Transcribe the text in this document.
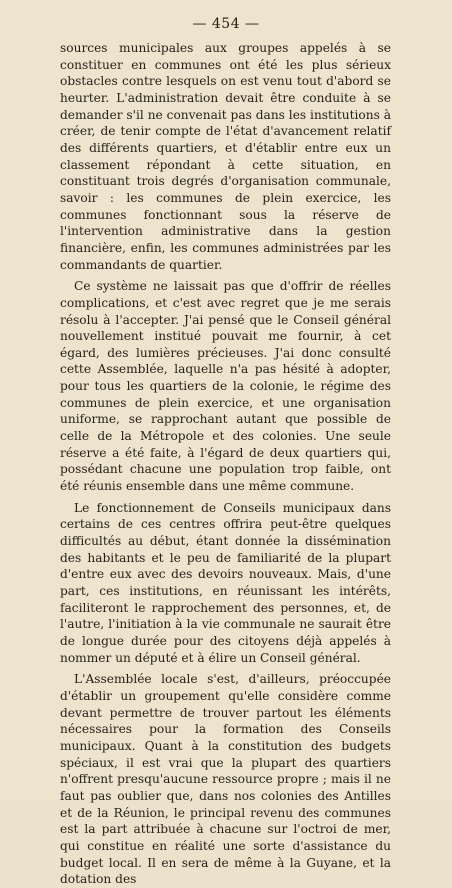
— 454 —

sources municipales aux groupes appelés à se constituer en communes ont été les plus sérieux obstacles contre lesquels on est venu tout d'abord se heurter. L'administration devait être conduite à se demander s'il ne convenait pas dans les institutions à créer, de tenir compte de l'état d'avancement relatif des différents quartiers, et d'établir entre eux un classement répondant à cette situation, en constituant trois degrés d'organisation communale, savoir : les communes de plein exercice, les communes fonctionnant sous la réserve de l'intervention administrative dans la gestion financière, enfin, les communes administrées par les commandants de quartier.

Ce système ne laissait pas que d'offrir de réelles complications, et c'est avec regret que je me serais résolu à l'accepter. J'ai pensé que le Conseil général nouvellement institué pouvait me fournir, à cet égard, des lumières précieuses. J'ai donc consulté cette Assemblée, laquelle n'a pas hésité à adopter, pour tous les quartiers de la colonie, le régime des communes de plein exercice, et une organisation uniforme, se rapprochant autant que possible de celle de la Métropole et des colonies. Une seule réserve a été faite, à l'égard de deux quartiers qui, possédant chacune une population trop faible, ont été réunis ensemble dans une même commune.

Le fonctionnement de Conseils municipaux dans certains de ces centres offrira peut-être quelques difficultés au début, étant donnée la dissémination des habitants et le peu de familiarité de la plupart d'entre eux avec des devoirs nouveaux. Mais, d'une part, ces institutions, en réunissant les intérêts, faciliteront le rapprochement des personnes, et, de l'autre, l'initiation à la vie communale ne saurait être de longue durée pour des citoyens déjà appelés à nommer un député et à élire un Conseil général.

L'Assemblée locale s'est, d'ailleurs, préoccupée d'établir un groupement qu'elle considère comme devant permettre de trouver partout les éléments nécessaires pour la formation des Conseils municipaux. Quant à la constitution des budgets spéciaux, il est vrai que la plupart des quartiers n'offrent presqu'aucune ressource propre ; mais il ne faut pas oublier que, dans nos colonies des Antilles et de la Réunion, le principal revenu des communes est la part attribuée à chacune sur l'octroi de mer, qui constitue en réalité une sorte d'assistance du budget local. Il en sera de même à la Guyane, et la dotation des
